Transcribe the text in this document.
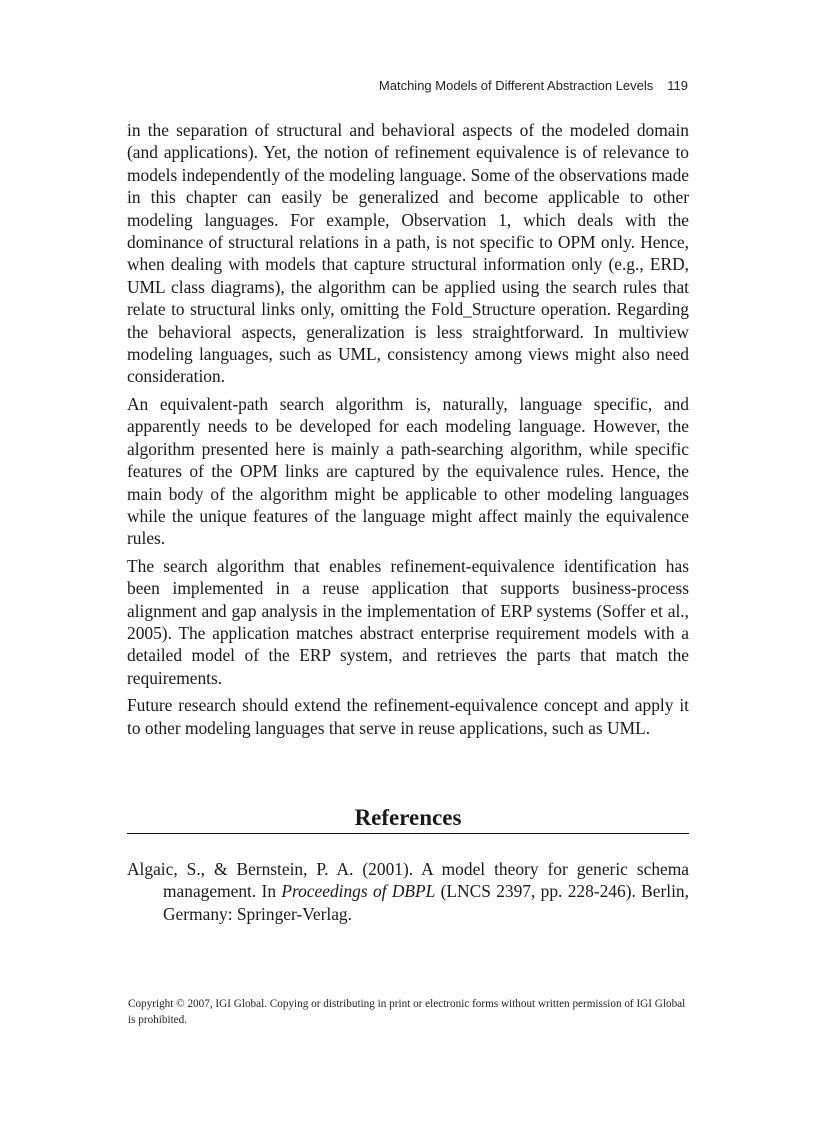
Matching Models of Different Abstraction Levels 119

in the separation of structural and behavioral aspects of the modeled domain (and applications). Yet, the notion of refinement equivalence is of relevance to models independently of the modeling language. Some of the observations made in this chapter can easily be generalized and become applicable to other modeling languages. For example, Observation 1, which deals with the dominance of structural relations in a path, is not specific to OPM only. Hence, when dealing with models that capture structural information only (e.g., ERD, UML class diagrams), the algorithm can be applied using the search rules that relate to structural links only, omitting the Fold_Structure operation. Regarding the behavioral aspects, generalization is less straightforward. In multiview modeling languages, such as UML, consistency among views might also need consideration.

An equivalent-path search algorithm is, naturally, language specific, and apparently needs to be developed for each modeling language. However, the algorithm presented here is mainly a path-searching algorithm, while specific features of the OPM links are captured by the equivalence rules. Hence, the main body of the algorithm might be applicable to other modeling languages while the unique features of the language might affect mainly the equivalence rules.

The search algorithm that enables refinement-equivalence identification has been implemented in a reuse application that supports business-process alignment and gap analysis in the implementation of ERP systems (Soffer et al., 2005). The application matches abstract enterprise requirement models with a detailed model of the ERP system, and retrieves the parts that match the requirements.

Future research should extend the refinement-equivalence concept and apply it to other modeling languages that serve in reuse applications, such as UML.

References

Algaic, S., & Bernstein, P. A. (2001). A model theory for generic schema management. In Proceedings of DBPL (LNCS 2397, pp. 228-246). Berlin, Germany: Springer-Verlag.

Copyright © 2007, IGI Global. Copying or distributing in print or electronic forms without written permission of IGI Global is prohibited.
